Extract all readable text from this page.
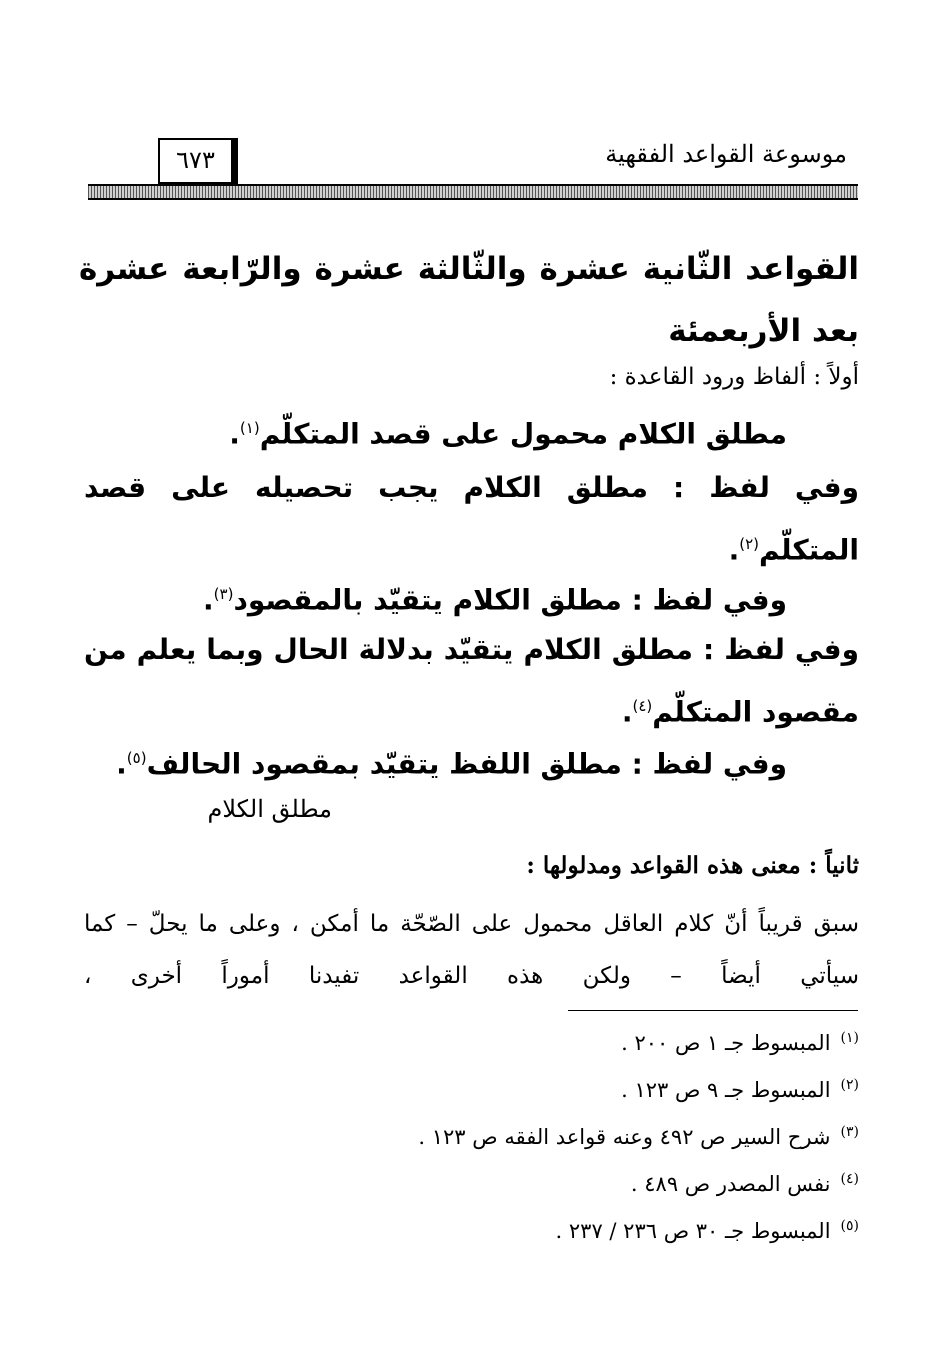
موسوعة القواعد الفقهية
٦٧٣
القواعد الثّانية عشرة والثّالثة عشرة والرّابعة عشرة بعد الأربعمئة
أولاً : ألفاظ ورود القاعدة :
مطلق الكلام محمول على قصد المتكلّم$^{(١)}$.
وفي لفظ : مطلق الكلام يجب تحصيله على قصد المتكلّم$^{(٢)}$.
وفي لفظ : مطلق الكلام يتقيّد بالمقصود$^{(٣)}$.
وفي لفظ : مطلق الكلام يتقيّد بدلالة الحال وبما يعلم من مقصود المتكلّم$^{(٤)}$.
وفي لفظ : مطلق اللفظ يتقيّد بمقصود الحالف$^{(٥)}$.
مطلق الكلام
ثانياً : معنى هذه القواعد ومدلولها :
سبق قريباً أنّ كلام العاقل محمول على الصّحّة ما أمكن ، وعلى ما يحلّ – كما سيأتي أيضاً – ولكن هذه القواعد تفيدنا أموراً أخرى ،
$^{(١)}$المبسوط جـ ١ ص ٢٠٠ .
$^{(٢)}$المبسوط جـ ٩ ص ١٢٣ .
$^{(٣)}$شرح السير ص ٤٩٢ وعنه قواعد الفقه ص ١٢٣ .
$^{(٤)}$نفس المصدر ص ٤٨٩ .
$^{(٥)}$المبسوط جـ ٣٠ ص ٢٣٦ / ٢٣٧ .
